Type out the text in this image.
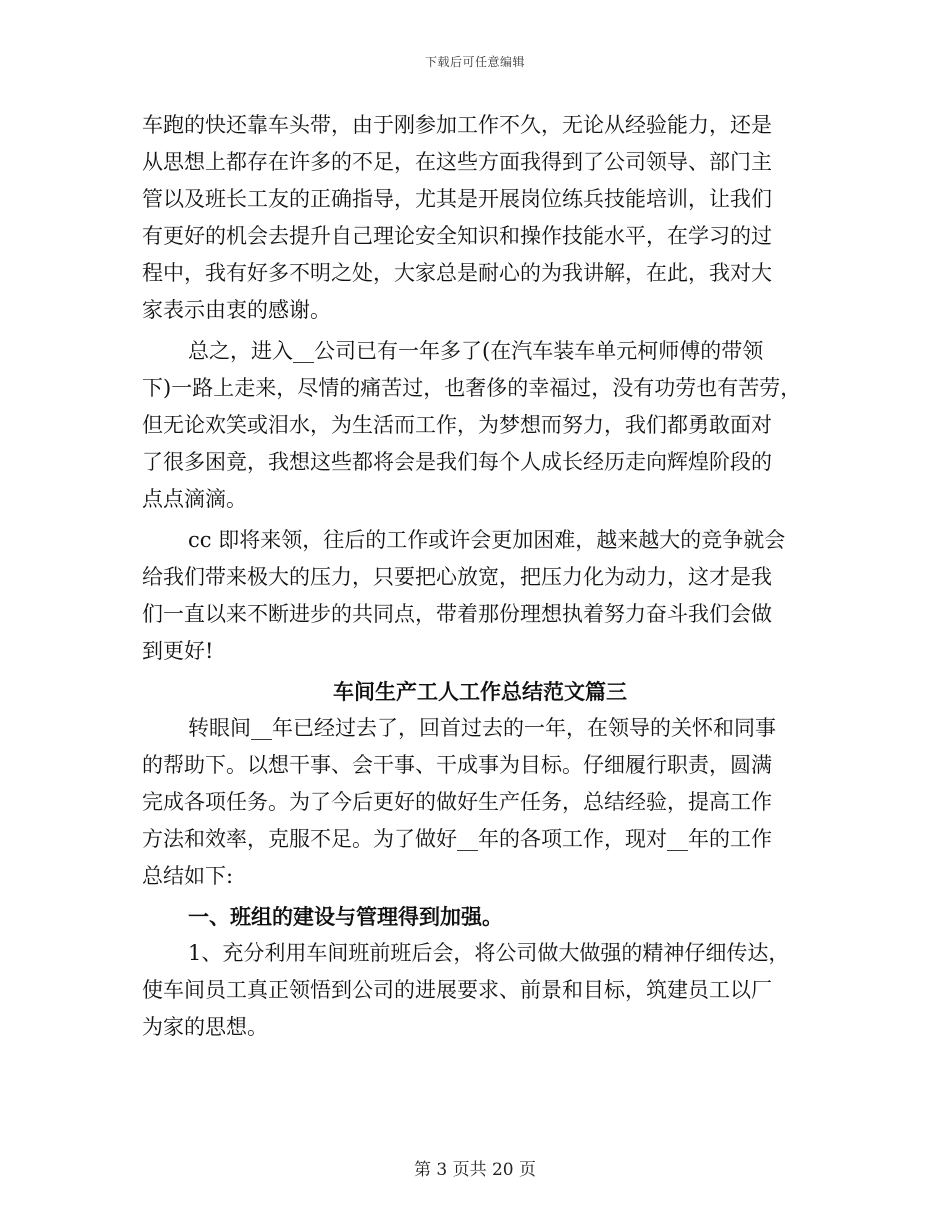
下载后可任意编辑
车跑的快还靠车头带，由于刚参加工作不久，无论从经验能力，还是
从思想上都存在许多的不足，在这些方面我得到了公司领导、部门主
管以及班长工友的正确指导，尤其是开展岗位练兵技能培训，让我们
有更好的机会去提升自己理论安全知识和操作技能水平，在学习的过
程中，我有好多不明之处，大家总是耐心的为我讲解，在此，我对大
家表示由衷的感谢。
总之，进入__公司已有一年多了(在汽车装车单元柯师傅的带领
下)一路上走来，尽情的痛苦过，也奢侈的幸福过，没有功劳也有苦劳，
但无论欢笑或泪水，为生活而工作，为梦想而努力，我们都勇敢面对
了很多困竟，我想这些都将会是我们每个人成长经历走向辉煌阶段的
点点滴滴。
cc 即将来领，往后的工作或许会更加困难，越来越大的竞争就会
给我们带来极大的压力，只要把心放宽，把压力化为动力，这才是我
们一直以来不断进步的共同点，带着那份理想执着努力奋斗我们会做
到更好!
车间生产工人工作总结范文篇三
转眼间__年已经过去了，回首过去的一年，在领导的关怀和同事
的帮助下。以想干事、会干事、干成事为目标。仔细履行职责，圆满
完成各项任务。为了今后更好的做好生产任务，总结经验，提高工作
方法和效率，克服不足。为了做好__年的各项工作，现对__年的工作
总结如下:
一、班组的建设与管理得到加强。
1、充分利用车间班前班后会，将公司做大做强的精神仔细传达，
使车间员工真正领悟到公司的进展要求、前景和目标，筑建员工以厂
为家的思想。
第 3 页共 20 页
